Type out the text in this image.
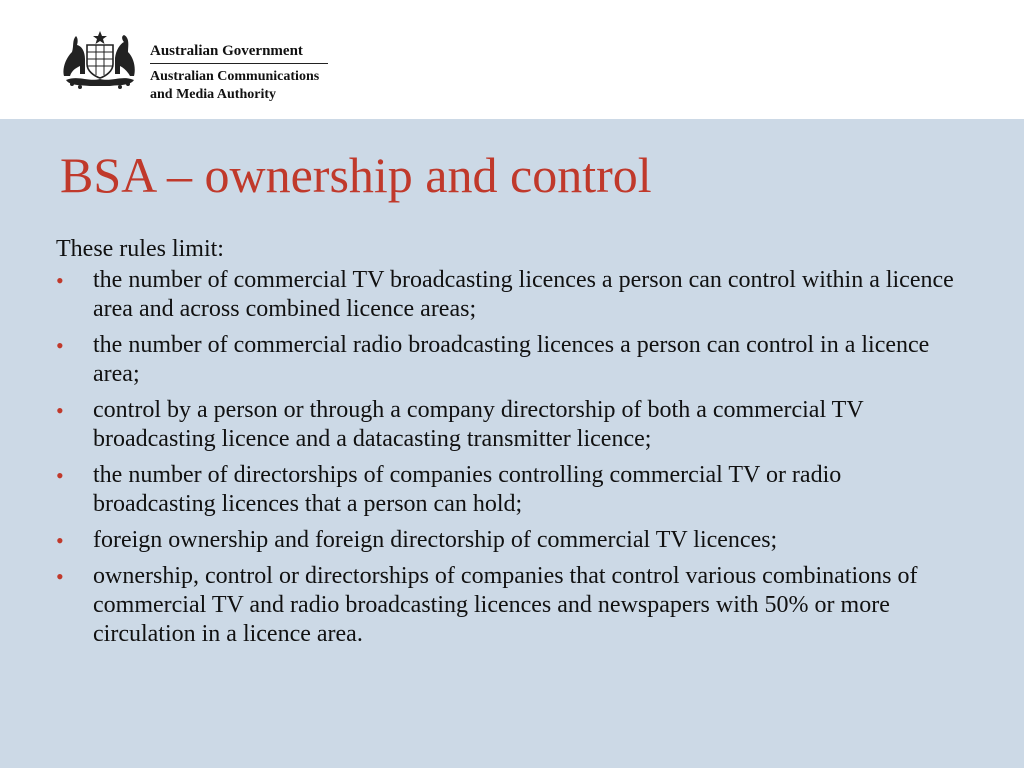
Australian Government
Australian Communications
and Media Authority
BSA – ownership and control

These rules limit:

• the number of commercial TV broadcasting licences a person can control within a licence area and across combined licence areas;
• the number of commercial radio broadcasting licences a person can control in a licence area;
• control by a person or through a company directorship of both a commercial TV broadcasting licence and a datacasting transmitter licence;
• the number of directorships of companies controlling commercial TV or radio broadcasting licences that a person can hold;
• foreign ownership and foreign directorship of commercial TV licences;
• ownership, control or directorships of companies that control various combinations of commercial TV and radio broadcasting licences and newspapers with 50% or more circulation in a licence area.
